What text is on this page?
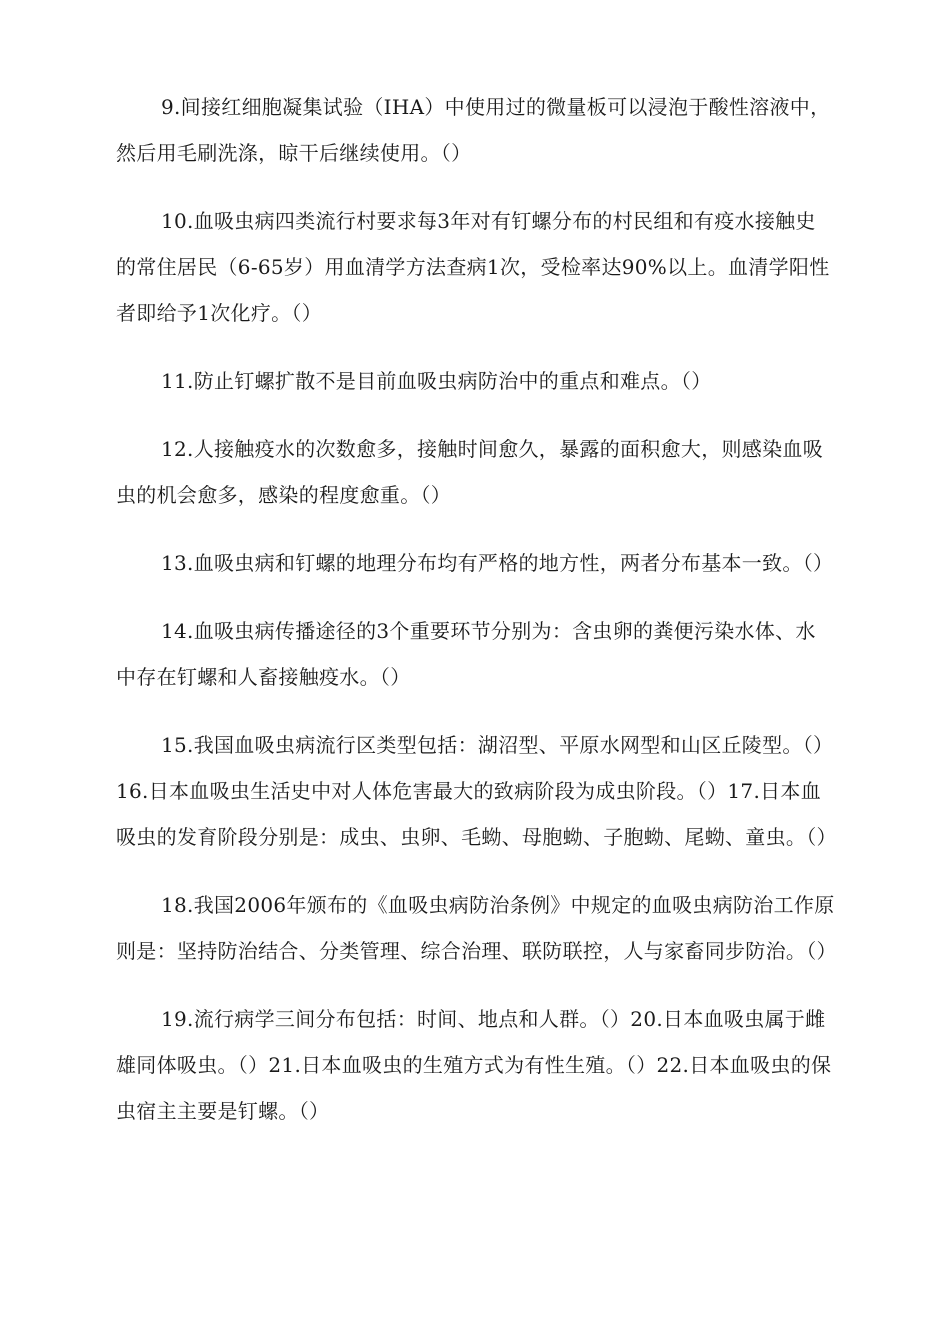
9.间接红细胞凝集试验（IHA）中使用过的微量板可以浸泡于酸性溶液中，然后用毛刷洗涤，晾干后继续使用。（）

10.血吸虫病四类流行村要求每3年对有钉螺分布的村民组和有疫水接触史的常住居民（6-65岁）用血清学方法查病1次，受检率达90%以上。血清学阳性者即给予1次化疗。（）

11.防止钉螺扩散不是目前血吸虫病防治中的重点和难点。（）

12.人接触疫水的次数愈多，接触时间愈久，暴露的面积愈大，则感染血吸虫的机会愈多，感染的程度愈重。（）

13.血吸虫病和钉螺的地理分布均有严格的地方性，两者分布基本一致。（）

14.血吸虫病传播途径的3个重要环节分别为：含虫卵的粪便污染水体、水中存在钉螺和人畜接触疫水。（）

15.我国血吸虫病流行区类型包括：湖沼型、平原水网型和山区丘陵型。（）16.日本血吸虫生活史中对人体危害最大的致病阶段为成虫阶段。（）17.日本血吸虫的发育阶段分别是：成虫、虫卵、毛蚴、母胞蚴、子胞蚴、尾蚴、童虫。（）

18.我国2006年颁布的《血吸虫病防治条例》中规定的血吸虫病防治工作原则是：坚持防治结合、分类管理、综合治理、联防联控，人与家畜同步防治。（）

19.流行病学三间分布包括：时间、地点和人群。（）20.日本血吸虫属于雌雄同体吸虫。（）21.日本血吸虫的生殖方式为有性生殖。（）22.日本血吸虫的保虫宿主主要是钉螺。（）
